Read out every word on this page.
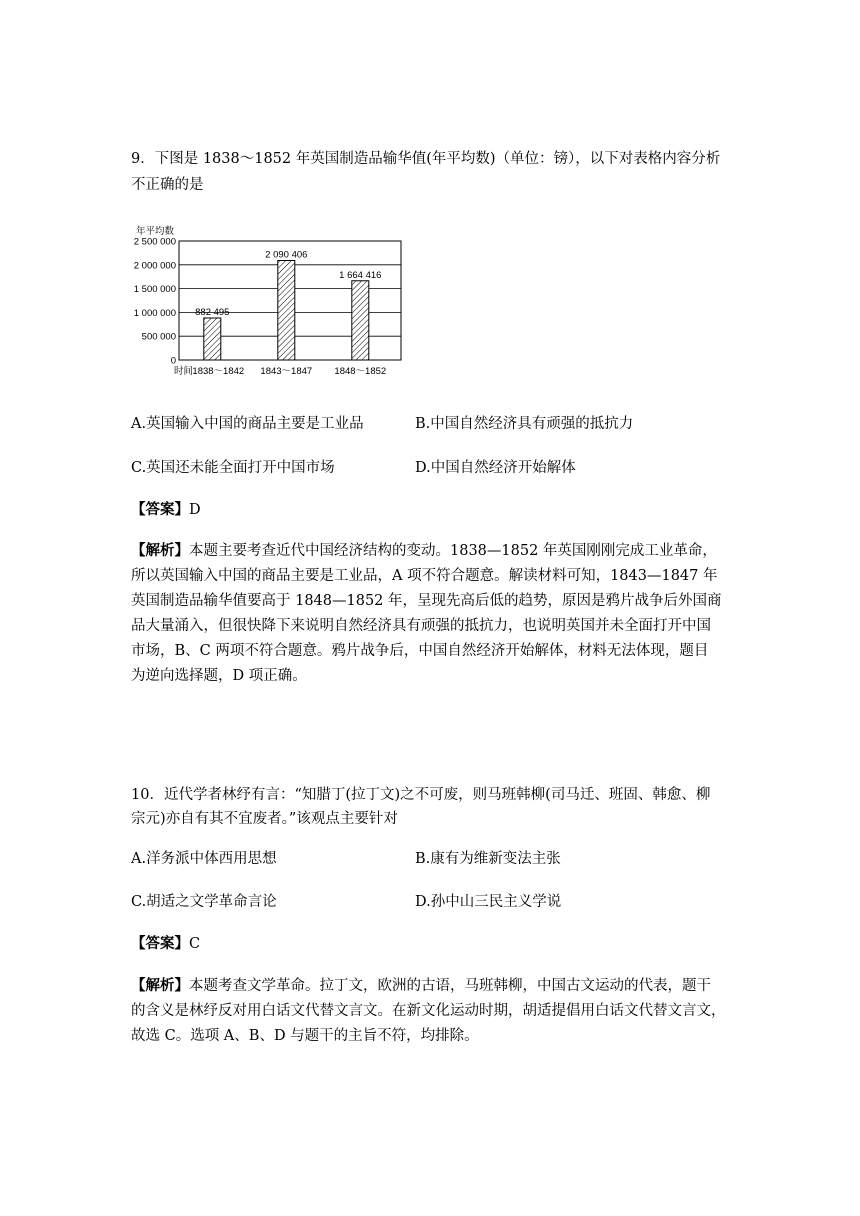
9．下图是 1838～1852 年英国制造品输华值(年平均数)（单位：镑），以下对表格内容分析
不正确的是
0
500 000
1 000 000
1 500 000
2 000 000
2 500 000
882 495
2 090 406
1 664 416
1838～1842 1843～1847 1848～1852
年平均数
时间
A.英国输入中国的商品主要是工业品	B.中国自然经济具有顽强的抵抗力
C.英国还未能全面打开中国市场	D.中国自然经济开始解体
【答案】D
【解析】本题主要考查近代中国经济结构的变动。1838—1852 年英国刚刚完成工业革命，
所以英国输入中国的商品主要是工业品，A 项不符合题意。解读材料可知，1843—1847 年
英国制造品输华值要高于 1848—1852 年，呈现先高后低的趋势，原因是鸦片战争后外国商
品大量涌入，但很快降下来说明自然经济具有顽强的抵抗力，也说明英国并未全面打开中国
市场，B、C 两项不符合题意。鸦片战争后，中国自然经济开始解体，材料无法体现，题目
为逆向选择题，D 项正确。
10．近代学者林纾有言：“知腊丁(拉丁文)之不可废，则马班韩柳(司马迁、班固、韩愈、柳
宗元)亦自有其不宜废者。”该观点主要针对
A.洋务派中体西用思想	B.康有为维新变法主张
C.胡适之文学革命言论	D.孙中山三民主义学说
【答案】C
【解析】本题考查文学革命。拉丁文，欧洲的古语，马班韩柳，中国古文运动的代表，题干
的含义是林纾反对用白话文代替文言文。在新文化运动时期，胡适提倡用白话文代替文言文，
故选 C。选项 A、B、D 与题干的主旨不符，均排除。
